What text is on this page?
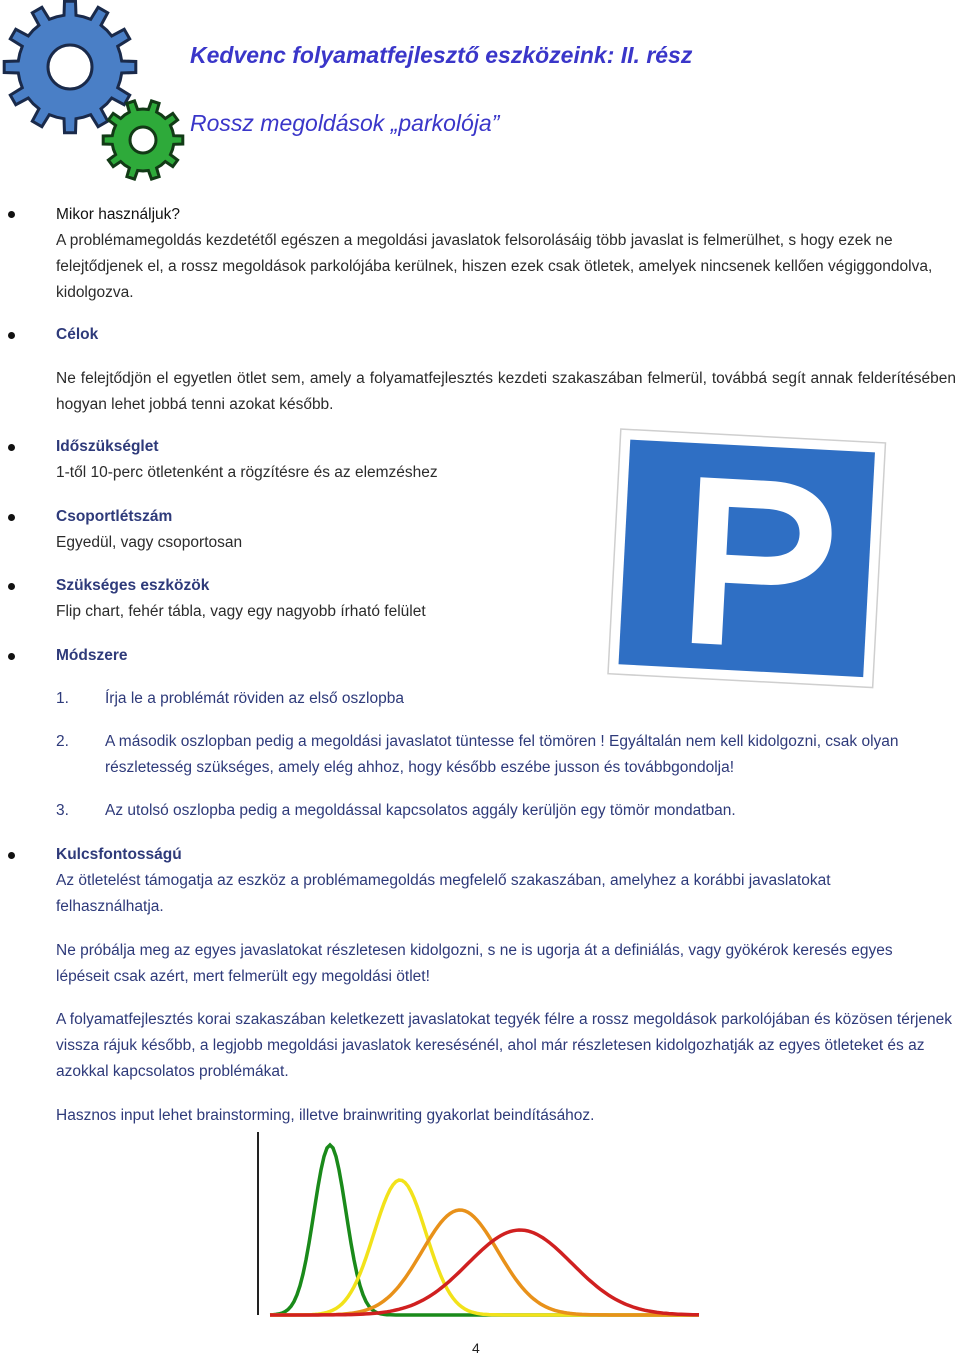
Kedvenc folyamatfejlesztő eszközeink: II. rész
Rossz megoldások „parkolója”
Mikor használjuk?
A problémamegoldás kezdetétől egészen a megoldási javaslatok felsorolásáig több javaslat is felmerülhet, s hogy ezek ne felejtődjenek el, a rossz megoldások parkolójába kerülnek, hiszen ezek csak ötletek, amelyek nincsenek kellően végiggondolva, kidolgozva.
Célok
Ne felejtődjön el egyetlen ötlet sem, amely a folyamatfejlesztés kezdeti szakaszában felmerül, továbbá segít annak felderítésében hogyan lehet jobbá tenni azokat később.
Időszükséglet
1-től 10-perc ötletenként a rögzítésre és az elemzéshez
Csoportlétszám
Egyedül, vagy csoportosan
Szükséges eszközök
Flip chart, fehér tábla, vagy egy nagyobb írható felület
Módszere
1. Írja le a problémát röviden az első oszlopba
2. A második oszlopban pedig a megoldási javaslatot tüntesse fel tömören ! Egyáltalán nem kell kidolgozni, csak olyan részletesség szükséges, amely elég ahhoz, hogy később eszébe jusson és továbbgondolja!
3. Az utolsó oszlopba pedig a megoldással kapcsolatos aggály kerüljön egy tömör mondatban.
Kulcsfontosságú
Az ötletelést támogatja az eszköz a problémamegoldás megfelelő szakaszában, amelyhez a korábbi javaslatokat felhasználhatja.
Ne próbálja meg az egyes javaslatokat részletesen kidolgozni, s ne is ugorja át a definiálás, vagy gyökérok keresés egyes lépéseit csak azért, mert felmerült egy megoldási ötlet!
A folyamatfejlesztés korai szakaszában keletkezett javaslatokat tegyék félre a rossz megoldások parkolójában és közösen térjenek vissza rájuk később, a legjobb megoldási javaslatok keresésénél, ahol már részletesen kidolgozhatják az egyes ötleteket és az azokkal kapcsolatos problémákat.
Hasznos input lehet brainstorming, illetve brainwriting gyakorlat beindításához.
4
